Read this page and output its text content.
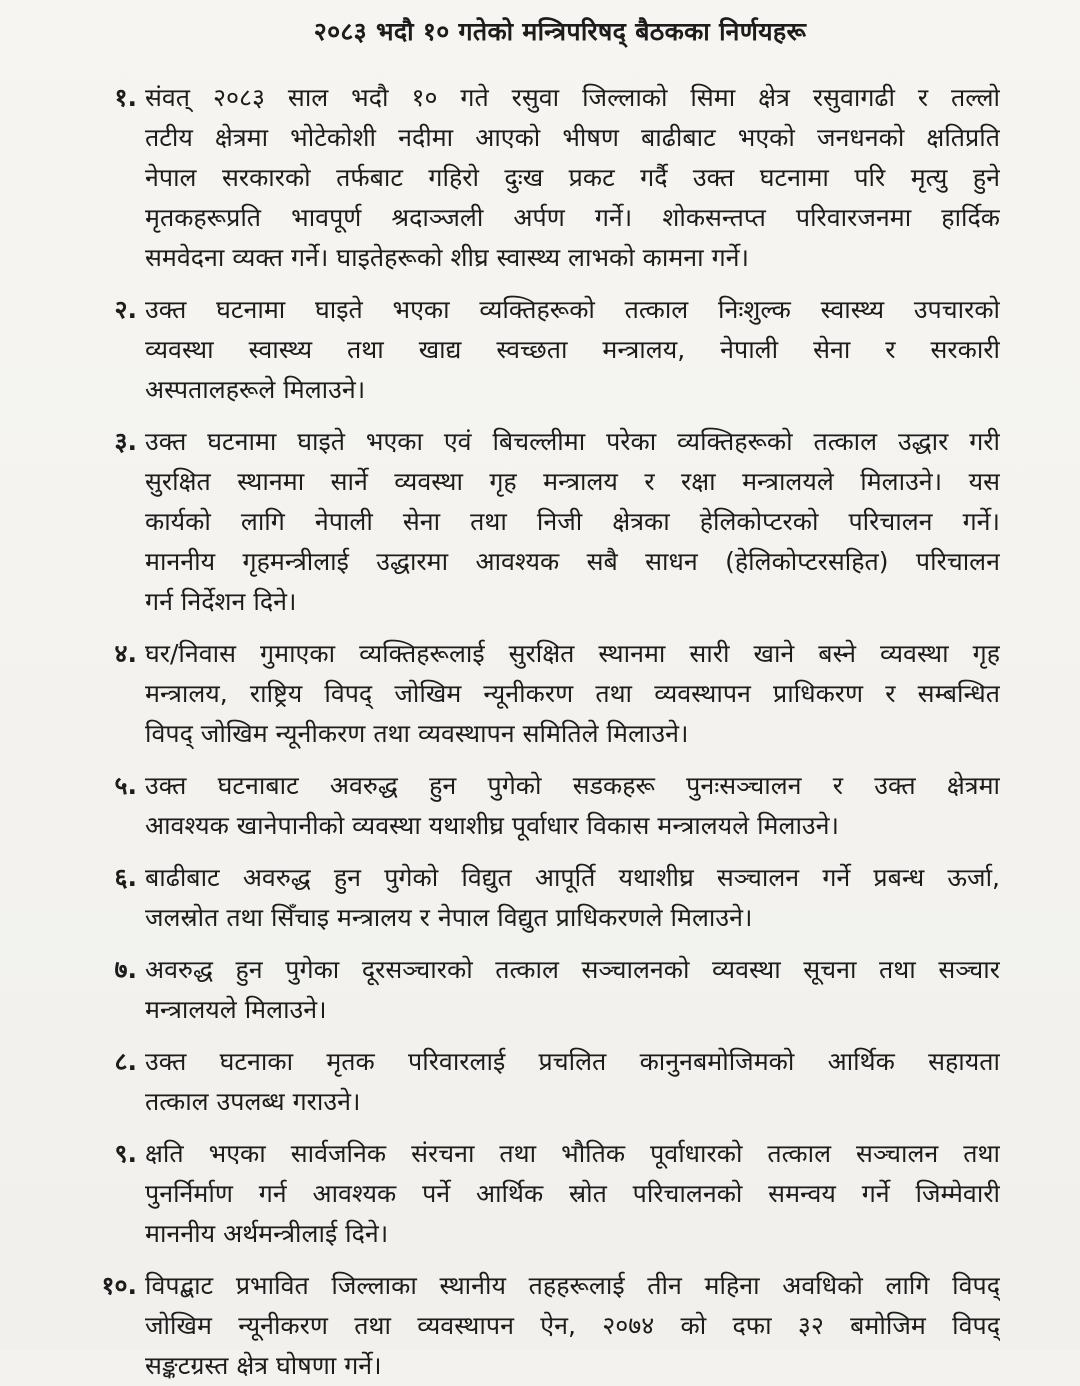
२०८३ भदौ १० गतेको मन्त्रिपरिषद् बैठकका निर्णयहरू
१. संवत् २०८३ साल भदौ १० गते रसुवा जिल्लाको सिमा क्षेत्र रसुवागढी र तल्लो
तटीय क्षेत्रमा भोटेकोशी नदीमा आएको भीषण बाढीबाट भएको जनधनको क्षतिप्रति
नेपाल सरकारको तर्फबाट गहिरो दुःख प्रकट गर्दै उक्त घटनामा परि मृत्यु हुने
मृतकहरूप्रति भावपूर्ण श्रदाञ्जली अर्पण गर्ने। शोकसन्तप्त परिवारजनमा हार्दिक
समवेदना व्यक्त गर्ने। घाइतेहरूको शीघ्र स्वास्थ्य लाभको कामना गर्ने।
२. उक्त घटनामा घाइते भएका व्यक्तिहरूको तत्काल निःशुल्क स्वास्थ्य उपचारको
व्यवस्था स्वास्थ्य तथा खाद्य स्वच्छता मन्त्रालय, नेपाली सेना र सरकारी
अस्पतालहरूले मिलाउने।
३. उक्त घटनामा घाइते भएका एवं बिचल्लीमा परेका व्यक्तिहरूको तत्काल उद्धार गरी
सुरक्षित स्थानमा सार्ने व्यवस्था गृह मन्त्रालय र रक्षा मन्त्रालयले मिलाउने। यस
कार्यको लागि नेपाली सेना तथा निजी क्षेत्रका हेलिकोप्टरको परिचालन गर्ने।
माननीय गृहमन्त्रीलाई उद्धारमा आवश्यक सबै साधन (हेलिकोप्टरसहित) परिचालन
गर्न निर्देशन दिने।
४. घर/निवास गुमाएका व्यक्तिहरूलाई सुरक्षित स्थानमा सारी खाने बस्ने व्यवस्था गृह
मन्त्रालय, राष्ट्रिय विपद् जोखिम न्यूनीकरण तथा व्यवस्थापन प्राधिकरण र सम्बन्धित
विपद् जोखिम न्यूनीकरण तथा व्यवस्थापन समितिले मिलाउने।
५. उक्त घटनाबाट अवरुद्ध हुन पुगेको सडकहरू पुनःसञ्चालन र उक्त क्षेत्रमा
आवश्यक खानेपानीको व्यवस्था यथाशीघ्र पूर्वाधार विकास मन्त्रालयले मिलाउने।
६. बाढीबाट अवरुद्ध हुन पुगेको विद्युत आपूर्ति यथाशीघ्र सञ्चालन गर्ने प्रबन्ध ऊर्जा,
जलस्रोत तथा सिँचाइ मन्त्रालय र नेपाल विद्युत प्राधिकरणले मिलाउने।
७. अवरुद्ध हुन पुगेका दूरसञ्चारको तत्काल सञ्चालनको व्यवस्था सूचना तथा सञ्चार
मन्त्रालयले मिलाउने।
८. उक्त घटनाका मृतक परिवारलाई प्रचलित कानुनबमोजिमको आर्थिक सहायता
तत्काल उपलब्ध गराउने।
९. क्षति भएका सार्वजनिक संरचना तथा भौतिक पूर्वाधारको तत्काल सञ्चालन तथा
पुनर्निर्माण गर्न आवश्यक पर्ने आर्थिक स्रोत परिचालनको समन्वय गर्ने जिम्मेवारी
माननीय अर्थमन्त्रीलाई दिने।
१०. विपद्बाट प्रभावित जिल्लाका स्थानीय तहहरूलाई तीन महिना अवधिको लागि विपद्
जोखिम न्यूनीकरण तथा व्यवस्थापन ऐन, २०७४ को दफा ३२ बमोजिम विपद्
सङ्कटग्रस्त क्षेत्र घोषणा गर्ने।
